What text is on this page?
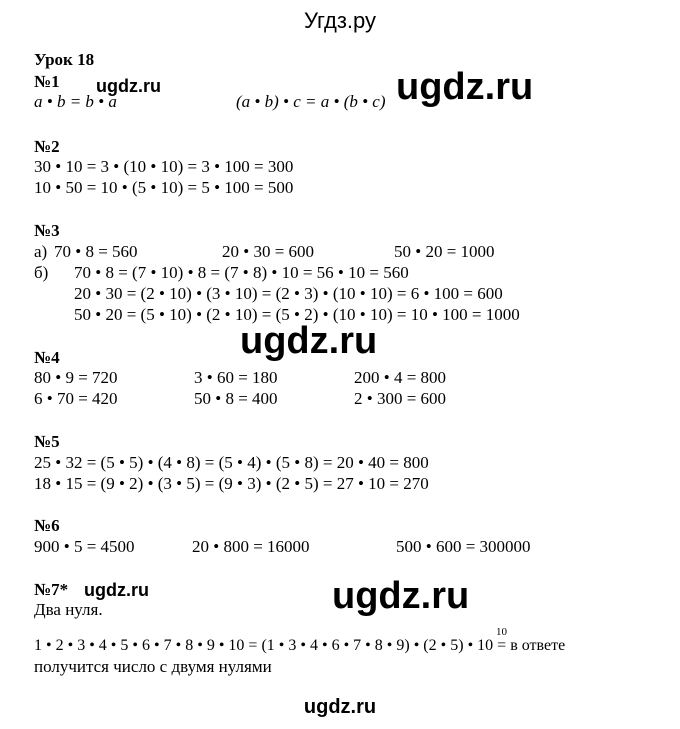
Угдз.ру
ugdz.ru	ugdz.ru
ugdz.ru
ugdz.ru	ugdz.ru
Урок 18
№1
a • b = b • a	(a • b) • c = a • (b • c)
№2
30 • 10 = 3 • (10 • 10) = 3 • 100 = 300
10 • 50 = 10 • (5 • 10) = 5 • 100 = 500
№3
а) 70 • 8 = 560	20 • 30 = 600	50 • 20 = 1000
б) 70 • 8 = (7 • 10) • 8 = (7 • 8) • 10 = 56 • 10 = 560
20 • 30 = (2 • 10) • (3 • 10) = (2 • 3) • (10 • 10) = 6 • 100 = 600
50 • 20 = (5 • 10) • (2 • 10) = (5 • 2) • (10 • 10) = 10 • 100 = 1000
№4
80 • 9 = 720	3 • 60 = 180	200 • 4 = 800
6 • 70 = 420	50 • 8 = 400	2 • 300 = 600
№5
25 • 32 = (5 • 5) • (4 • 8) = (5 • 4) • (5 • 8) = 20 • 40 = 800
18 • 15 = (9 • 2) • (3 • 5) = (9 • 3) • (2 • 5) = 27 • 10 = 270
№6
900 • 5 = 4500	20 • 800 = 16000	500 • 600 = 300000
№7*
Два нуля.
10
1 • 2 • 3 • 4 • 5 • 6 • 7 • 8 • 9 • 10 = (1 • 3 • 4 • 6 • 7 • 8 • 9) • (2 • 5) • 10 = в ответе
получится число с двумя нулями
ugdz.ru
